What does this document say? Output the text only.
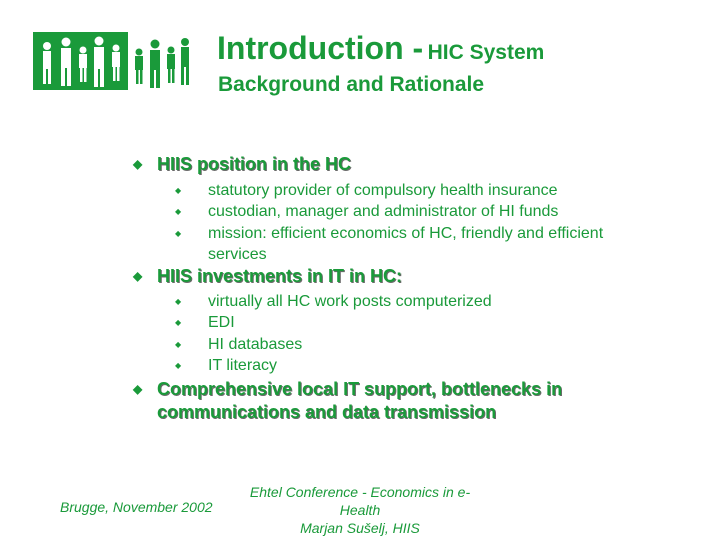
Introduction - HIC System
Background and Rationale
◆ HIIS position in the HC
◆ statutory provider of compulsory health insurance
◆ custodian, manager and administrator of HI funds
◆ mission: efficient economics of HC, friendly and efficient
services
◆ HIIS investments in IT in HC:
◆ virtually all HC work posts computerized
◆ EDI
◆ HI databases
◆ IT literacy
◆ Comprehensive local IT support, bottlenecks in
communications and data transmission
Brugge, November 2002
Ehtel Conference - Economics in e-Health
Marjan Sušelj, HIIS
